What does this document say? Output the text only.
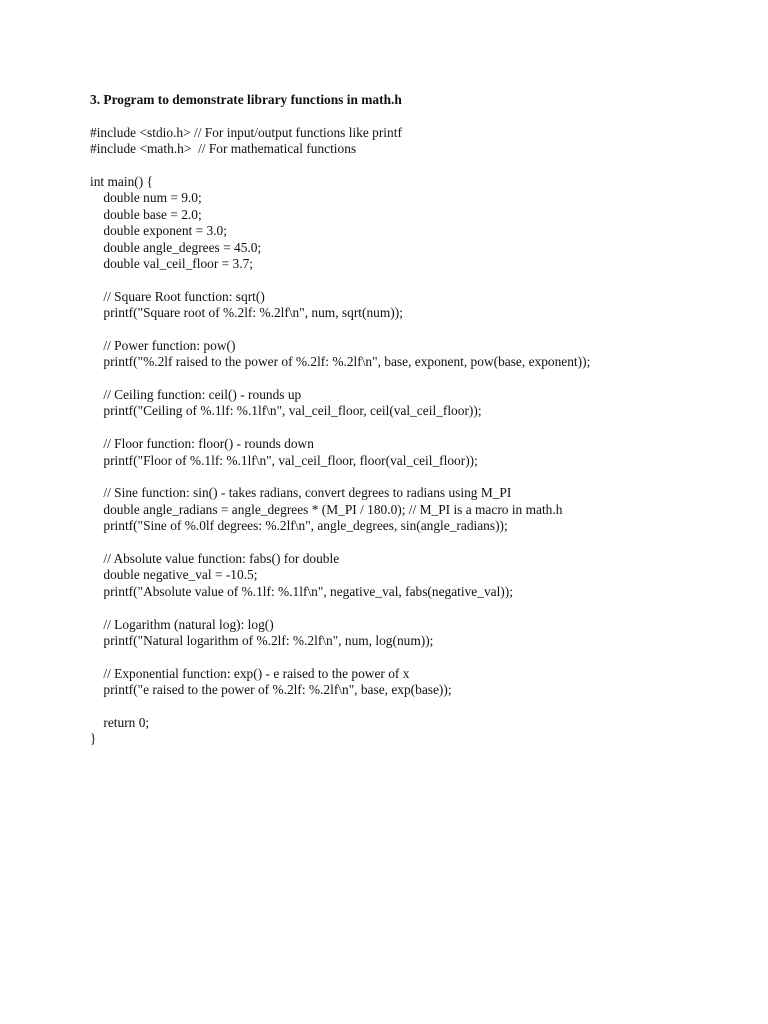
3. Program to demonstrate library functions in math.h
#include <stdio.h> // For input/output functions like printf
#include <math.h>  // For mathematical functions
int main() {
double num = 9.0;
double base = 2.0;
double exponent = 3.0;
double angle_degrees = 45.0;
double val_ceil_floor = 3.7;
// Square Root function: sqrt()
printf("Square root of %.2lf: %.2lf\n", num, sqrt(num));
// Power function: pow()
printf("%.2lf raised to the power of %.2lf: %.2lf\n", base, exponent, pow(base, exponent));
// Ceiling function: ceil() - rounds up
printf("Ceiling of %.1lf: %.1lf\n", val_ceil_floor, ceil(val_ceil_floor));
// Floor function: floor() - rounds down
printf("Floor of %.1lf: %.1lf\n", val_ceil_floor, floor(val_ceil_floor));
// Sine function: sin() - takes radians, convert degrees to radians using M_PI
double angle_radians = angle_degrees * (M_PI / 180.0); // M_PI is a macro in math.h
printf("Sine of %.0lf degrees: %.2lf\n", angle_degrees, sin(angle_radians));
// Absolute value function: fabs() for double
double negative_val = -10.5;
printf("Absolute value of %.1lf: %.1lf\n", negative_val, fabs(negative_val));
// Logarithm (natural log): log()
printf("Natural logarithm of %.2lf: %.2lf\n", num, log(num));
// Exponential function: exp() - e raised to the power of x
printf("e raised to the power of %.2lf: %.2lf\n", base, exp(base));
return 0;
}
